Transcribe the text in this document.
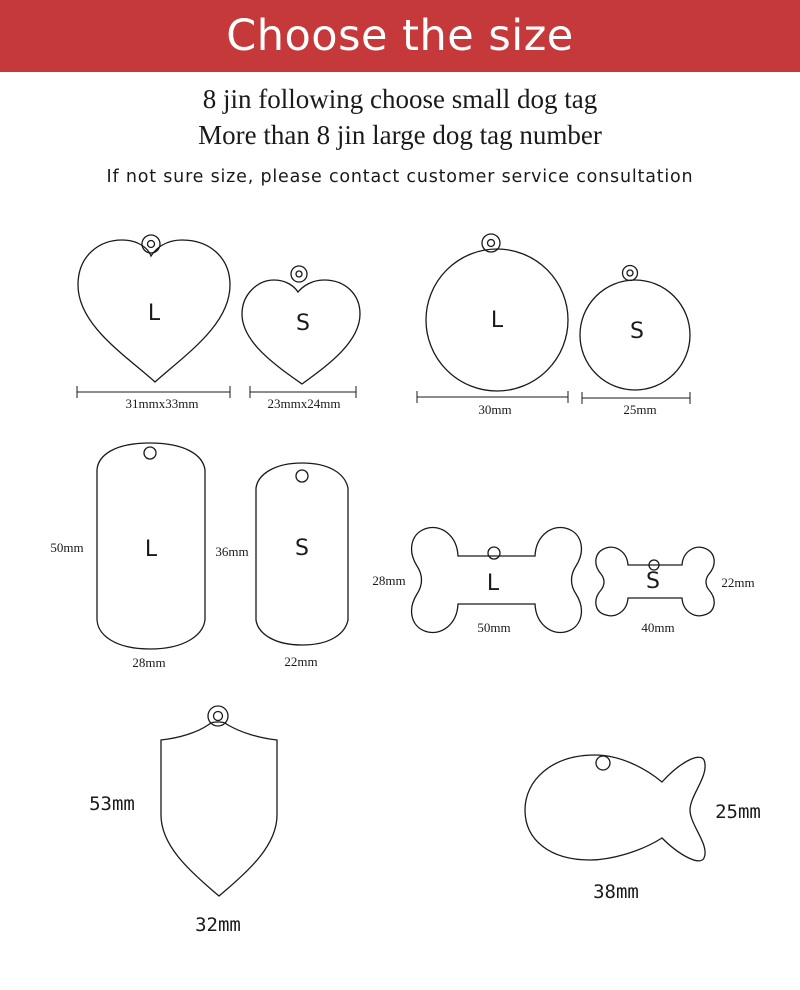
Choose the size
8 jin following choose small dog tag
More than 8 jin large dog tag number
If not sure size, please contact customer service consultation
L
31mmx33mm
S
23mmx24mm
L
30mm
S
25mm
L
50mm
28mm
S
36mm
22mm
L
28mm
50mm
S	22mm
40mm
53mm
32mm
25mm
38mm
